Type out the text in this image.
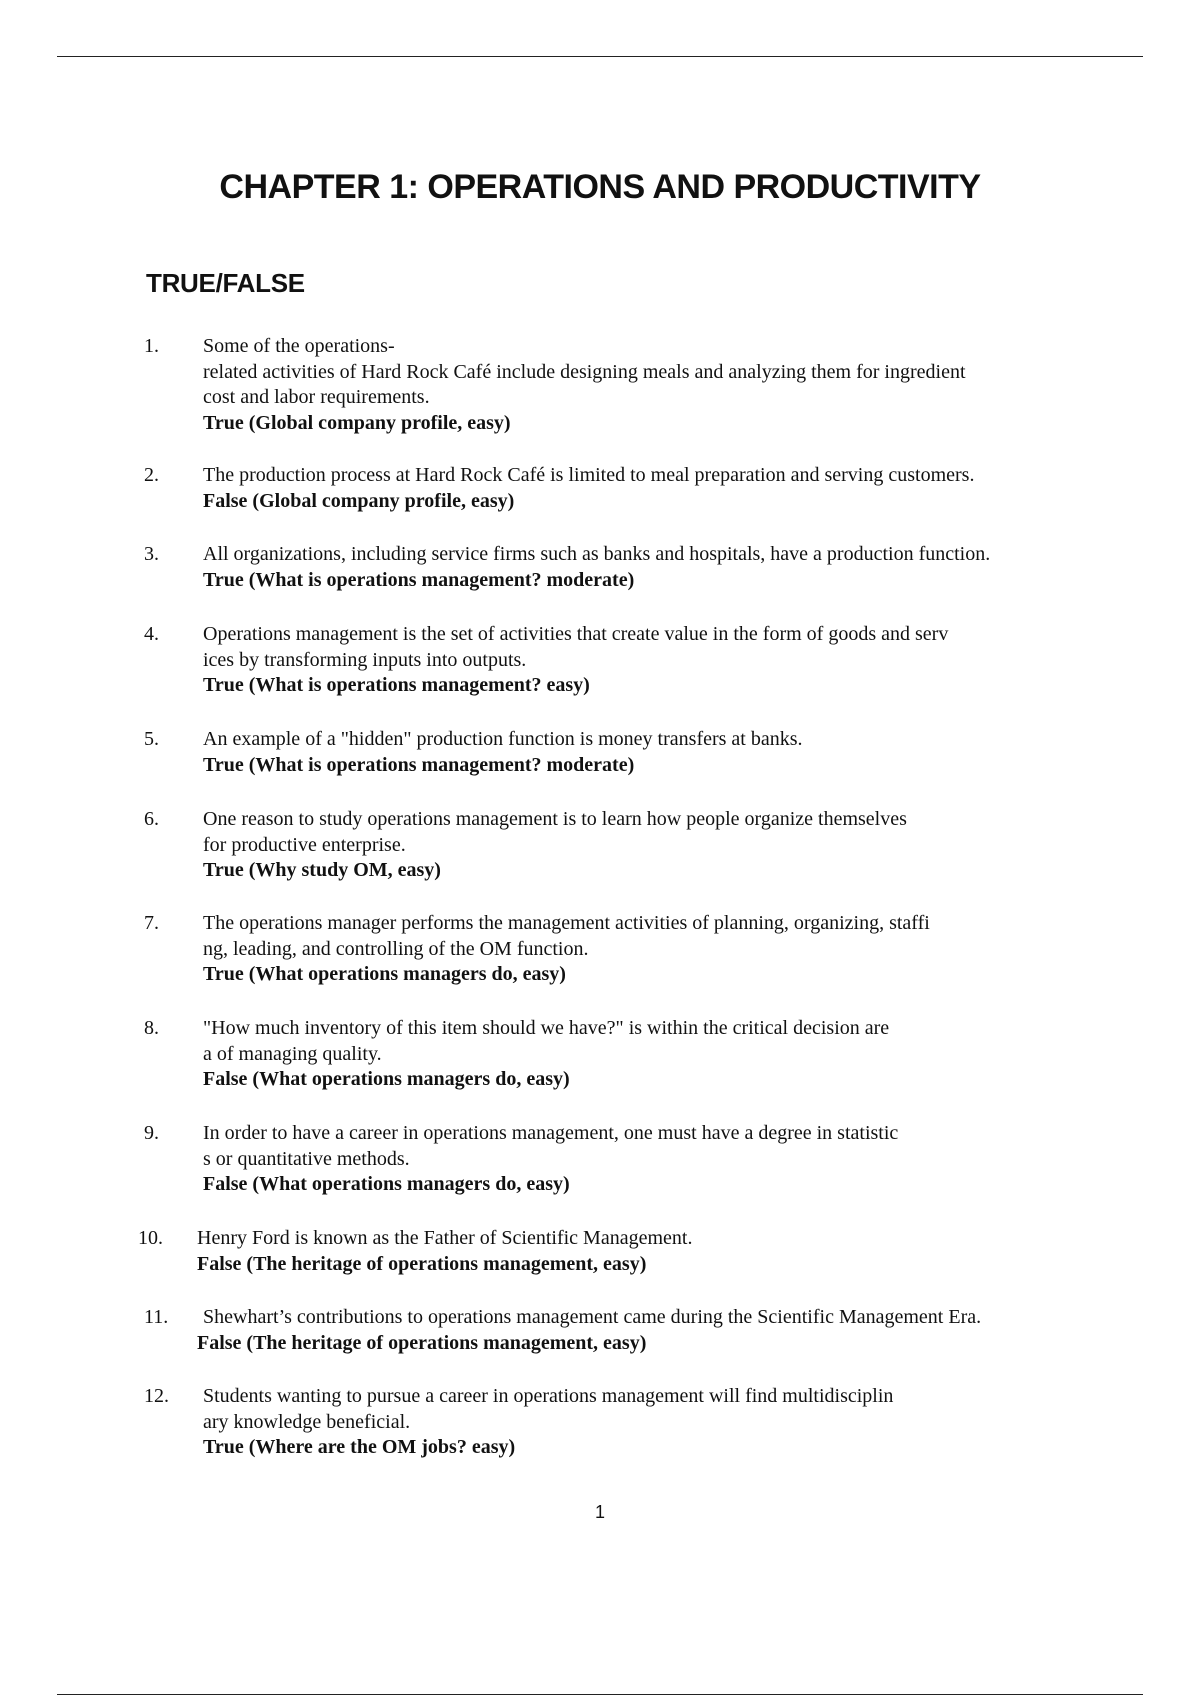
CHAPTER 1: OPERATIONS AND PRODUCTIVITY
TRUE/FALSE
1. Some of the operations-
related activities of Hard Rock Café include designing meals and analyzing them for ingredient
cost and labor requirements.
True (Global company profile, easy)
2. The production process at Hard Rock Café is limited to meal preparation and serving customers.
False (Global company profile, easy)
3. All organizations, including service firms such as banks and hospitals, have a production function.
True (What is operations management? moderate)
4. Operations management is the set of activities that create value in the form of goods and serv
ices by transforming inputs into outputs.
True (What is operations management? easy)
5. An example of a "hidden" production function is money transfers at banks.
True (What is operations management? moderate)
6. One reason to study operations management is to learn how people organize themselves
for productive enterprise.
True (Why study OM, easy)
7. The operations manager performs the management activities of planning, organizing, staffi
ng, leading, and controlling of the OM function.
True (What operations managers do, easy)
8. "How much inventory of this item should we have?" is within the critical decision are
a of managing quality.
False (What operations managers do, easy)
9. In order to have a career in operations management, one must have a degree in statistic
s or quantitative methods.
False (What operations managers do, easy)
10. Henry Ford is known as the Father of Scientific Management.
False (The heritage of operations management, easy)
11. Shewhart’s contributions to operations management came during the Scientific Management Era.
False (The heritage of operations management, easy)
12. Students wanting to pursue a career in operations management will find multidisciplin
ary knowledge beneficial.
True (Where are the OM jobs? easy)
1
